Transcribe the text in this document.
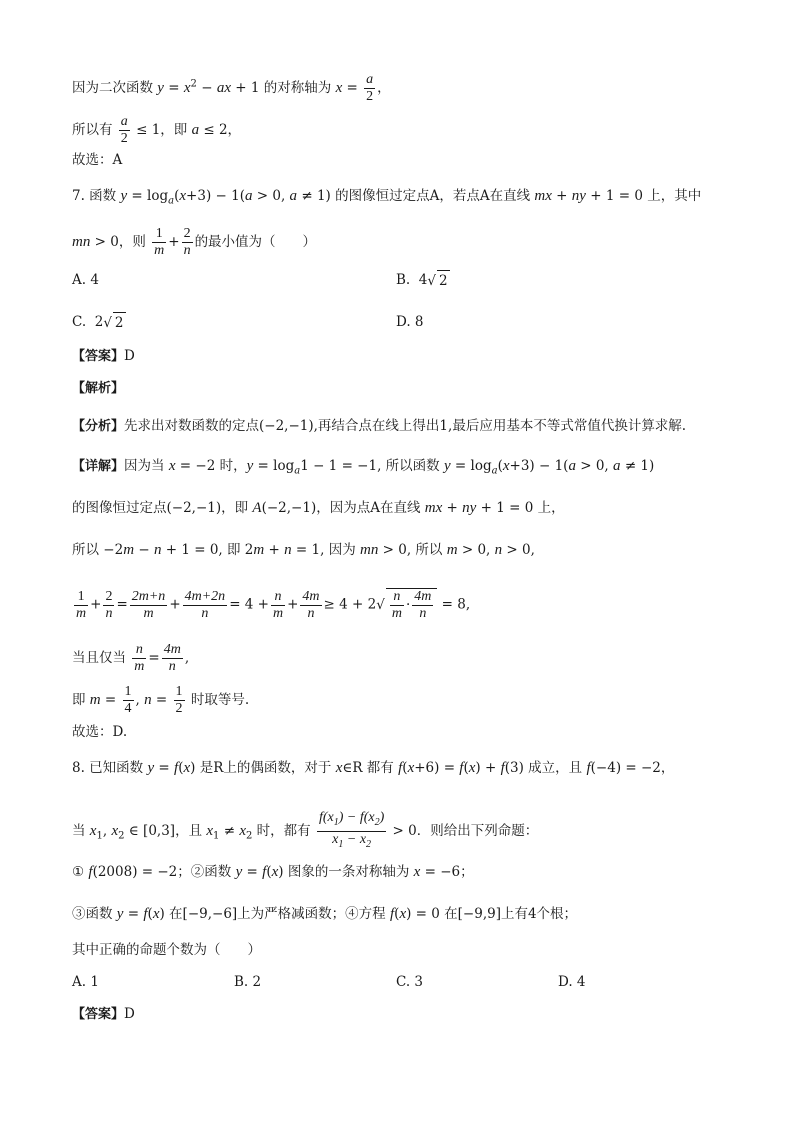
因为二次函数 $y = x^2$ − ax + 1 的对称轴为 $x = \frac{a}{2}$ ，
所以有 $\frac{a}{2} \le 1$，即 a ≤ 2，
故选：A
7. 函数 $y = \log_a(x+3) - 1(a > 0$, a ≠ 1) 的图像恒过定点A，若点A在直线 mx + ny + 1 = 0 上，其中
mn > 0，则 $\frac{1}{m} + \frac{2}{n}$ 的最小值为（　　）
A. 4	B.  4√ 2
C.  2√ 2	D. 8
【答案】D
【解析】
【分析】先求出对数函数的定点(−2,−1),再结合点在线上得出1,最后应用基本不等式常值代换计算求解.
【详解】因为当 x = −2 时，$y = \log_a1 - 1 = -1$, 所以函数 $y = \log_a(x+3) - 1(a > 0$, a ≠ 1)
的图像恒过定点(−2,−1)，即 A(−2,−1)，因为点A在直线 mx + ny + 1 = 0 上，
所以 −2m − n + 1 = 0, 即 2m + n = 1, 因为 mn > 0, 所以 m > 0, n > 0,
$\frac{1}{m} + \frac{2}{n} = \frac{2m+n}{m} + \frac{4m+2n}{n} = 4 + \frac{n}{m} + \frac{4m}{n} \ge 4 + 2√ \frac{n}{m} \cdot \frac{4m}{n} = 8$,
当且仅当 $\frac{n}{m} = \frac{4m}{n}$ ,
即 $m = \frac{1}{4}$ , $n = \frac{1}{2}$ 时取等号.
故选：D.
8. 已知函数 y = f(x) 是R上的偶函数，对于 x∈R 都有 f(x+6) = f(x) + f(3) 成立，且 f(−4) = −2，
当 $x_1$, $x_2$ ∈ [0,3]，且 $x_1 \ne x_2$ 时，都有 $\frac{f(x_1) - f(x_2)}{x_1 - x_2} > 0$．则给出下列命题：
① f(2008) = −2；②函数 y = f(x) 图象的一条对称轴为 x = −6；
③函数 y = f(x) 在[−9,−6]上为严格减函数；④方程 f(x) = 0 在[−9,9]上有4个根；
其中正确的命题个数为（　　）
A. 1	B. 2	C. 3	D. 4
【答案】D
